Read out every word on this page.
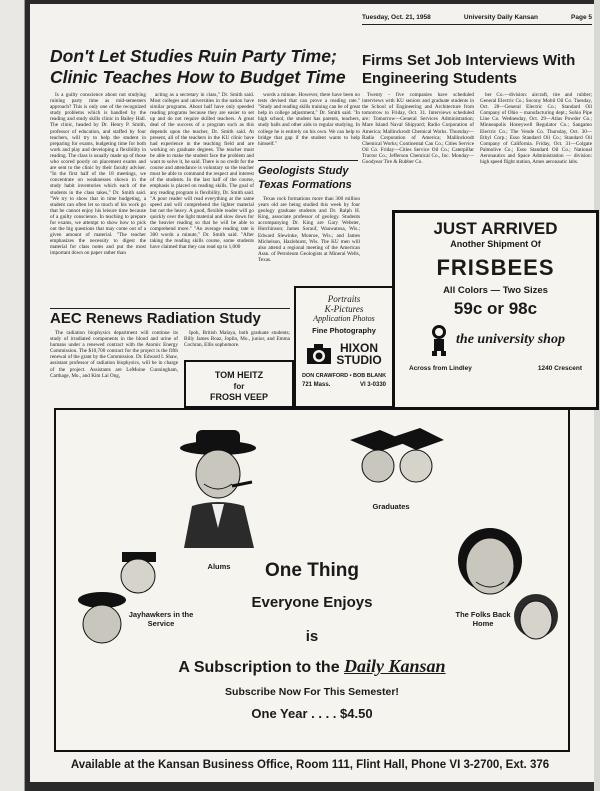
Tuesday, Oct. 21, 1958	University Daily Kansan	Page 5
Don't Let Studies Ruin Party Time; Clinic Teaches How to Budget Time

Is a guilty conscience about not studying ruining party time as mid-semesters approach? This is only one of the recognized study problems which is handled by the reading and study skills clinic in Bailey Hall. The clinic, headed by Dr. Henry P. Smith, professor of education, and staffed by four teachers, will try to help the student in preparing for exams, budgeting time for both work and play and developing a flexibility in reading. The class is usually made up of those who scored poorly on placement exams and are sent to the clinic by their faculty adviser. "In the first half of the 18 meetings, we concentrate on weaknesses shown in the study habit inventories which each of the students in the class takes," Dr. Smith said. "We try to show that in time budgeting, a student can often let so much of his work go that he cannot enjoy his leisure time because of a guilty conscience. In teaching to prepare for exams, we attempt to show how to pick out the big questions that may come out of a given amount of material. "The teacher emphasizes the necessity to digest the material for class notes and put the most important down on paper rather than

acting as a secretary in class," Dr. Smith said. Most colleges and universities in the nation have similar programs. About half have only speeded reading programs because they are easier to set up and do not require skilled teachers. A great deal of the success of a program such as this depends upon the teacher, Dr. Smith said. At present, all of the teachers in the KU clinic have had experience in the teaching field and are working on graduate degrees. The teacher must be able to make the student face the problem and want to solve it, he said. There is no credit for the course and attendance is voluntary so the teacher must be able to command the respect and interest of the students. In the last half of the course, emphasis is placed on reading skills. The goal of any reading program is flexibility, Dr. Smith said. "A poor reader will read everything at the same speed and will comprehend the lighter material but not the heavy. A good, flexible reader will go quickly over the light material and slow down for the heavier reading so that he will be able to comprehend more." "An average reading rate is 300 words a minute," Dr. Smith said. "After taking the reading skills course, some students have claimed that they can read up to 1,000

words a minute. However, there have been no tests devised that can prove a reading rate." "Study and reading skills training can be of great help in college adjustment," Dr. Smith said. "In high school, the student has parents, teachers, study halls and other aids to regular studying. In college he is entirely on his own. We can help to bridge that gap if the student wants to help himself."

Geologists Study Texas Formations

Texas rock formations more than 300 million years old are being studied this week by four geology graduate students and Dr. Ralph H. King, associate professor of geology. Students accompanying Dr. King are Gary Webster, Hutchinson; James Sorauf, Wauwatosa, Wis.; Edward Slewinke, Monroe, Wis.; and James Michelson, Hazlehurst, Wis. The KU men will also attend a regional meeting of the American Assn. of Petroleum Geologists at Mineral Wells, Texas.

Firms Set Job Interviews With Engineering Students

Twenty - five companies have scheduled interviews with KU seniors and graduate students in the School of Engineering and Architecture from tomorrow to Friday, Oct. 31. Interviews scheduled are: Tomorrow—General Services Administration; Mare Island Naval Shipyard; Radio Corporation of America; Mallinckrodt Chemical Works. Thursday—Radio Corporation of America; Mallinckrodt Chemical Works; Continental Can Co.; Cities Service Oil Co. Friday—Cities Service Oil Co.; Caterpillar Tractor Co.; Jefferson Chemical Co., Inc. Monday—Goodyear Tire & Rubber Co.

ber Co.—division: aircraft, tire and rubber; General Electric Co.; Socony Mobil Oil Co. Tuesday, Oct. 28—General Electric Co.; Standard Oil Company of Ohio – manufacturing dept.; Sohio Pipe Line Co. Wednesday, Oct. 29—Atlas Powder Co.; Minneapolis Honeywell Regulator Co.; Sangamo Electric Co.; The Vende Co. Thursday, Oct. 30—Ethyl Corp.; Esso Standard Oil Co.; Standard Oil Company of California. Friday, Oct. 31—Colgate Palmolive Co.; Esso Standard Oil Co.; National Aeronautics and Space Administration — division: high speed flight station, Ames aeronautic labs.

AEC Renews Radiation Study

The radiation biophysics department will continue its study of irradiated components in the blood and urine of humans under a renewed contract with the Atomic Energy Commission. The $10,700 contract for the project is the fifth renewal of the grant by the Commission. Dr. Edward I. Shaw, assistant professor of radiation biophysics, will be in charge of the project. Assistants are LeMoine Cunningham, Carthage, Mo., and Kim Lai Ong,

Ipoh, British Malaya, both graduate students; Billy James Boaz, Joplin, Mo., junior, and Emma Cochran, Ellis sophomore.

TOM HEITZ
for
FROSH VEEP
Portraits
K-Pictures
Application Photos
Fine Photography
HIXON STUDIO
DON CRAWFORD • BOB BLANK
721 Mass.	VI 3-0330
JUST ARRIVED
Another Shipment Of
FRISBEES
All Colors — Two Sizes
59c or 98c
the university shop
Across from Lindley	1240 Crescent
Alums
Graduates
Jayhawkers in the Service
The Folks Back Home
One Thing
Everyone Enjoys
is
A Subscription to the Daily Kansan
Subscribe Now For This Semester!
One Year . . . . $4.50
Available at the Kansan Business Office, Room 111, Flint Hall, Phone VI 3-2700, Ext. 376
